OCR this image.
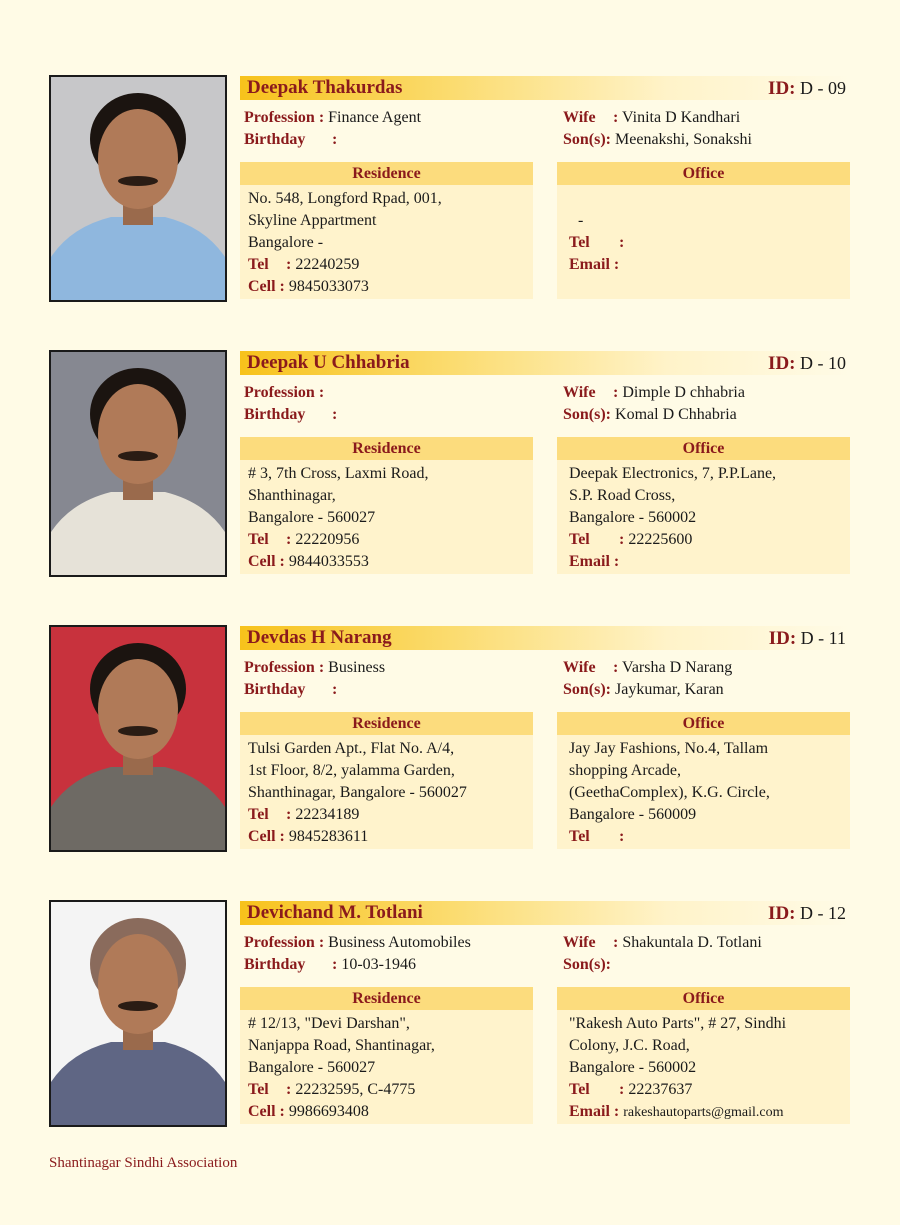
Deepak Thakurdas	ID: D - 09
Profession : Finance Agent
Birthday :
Wife : Vinita D Kandhari
Son(s): Meenakshi, Sonakshi
Residence
No. 548, Longford Rpad, 001,
Skyline Appartment
Bangalore -
Tel : 22240259
Cell : 9845033073
Office
-
Tel :
Email :
Deepak U Chhabria	ID: D - 10
Profession :
Birthday :
Wife : Dimple D chhabria
Son(s): Komal D Chhabria
Residence
# 3, 7th Cross, Laxmi Road,
Shanthinagar,
Bangalore - 560027
Tel : 22220956
Cell : 9844033553
Office
Deepak Electronics, 7, P.P.Lane,
S.P. Road Cross,
Bangalore - 560002
Tel : 22225600
Email :
Devdas H Narang	ID: D - 11
Profession : Business
Birthday :
Wife : Varsha D Narang
Son(s): Jaykumar, Karan
Residence
Tulsi Garden Apt., Flat No. A/4,
1st Floor, 8/2, yalamma Garden,
Shanthinagar, Bangalore - 560027
Tel : 22234189
Cell : 9845283611
Office
Jay Jay Fashions, No.4, Tallam
shopping Arcade,
(GeethaComplex), K.G. Circle,
Bangalore - 560009
Tel :
Devichand M. Totlani	ID: D - 12
Profession : Business Automobiles
Birthday : 10-03-1946
Wife : Shakuntala D. Totlani
Son(s):
Residence
# 12/13, "Devi Darshan",
Nanjappa Road, Shantinagar,
Bangalore - 560027
Tel : 22232595, C-4775
Cell : 9986693408
Office
"Rakesh Auto Parts", # 27, Sindhi
Colony, J.C. Road,
Bangalore - 560002
Tel : 22237637
Email : rakeshautoparts@gmail.com
Shantinagar Sindhi Association
